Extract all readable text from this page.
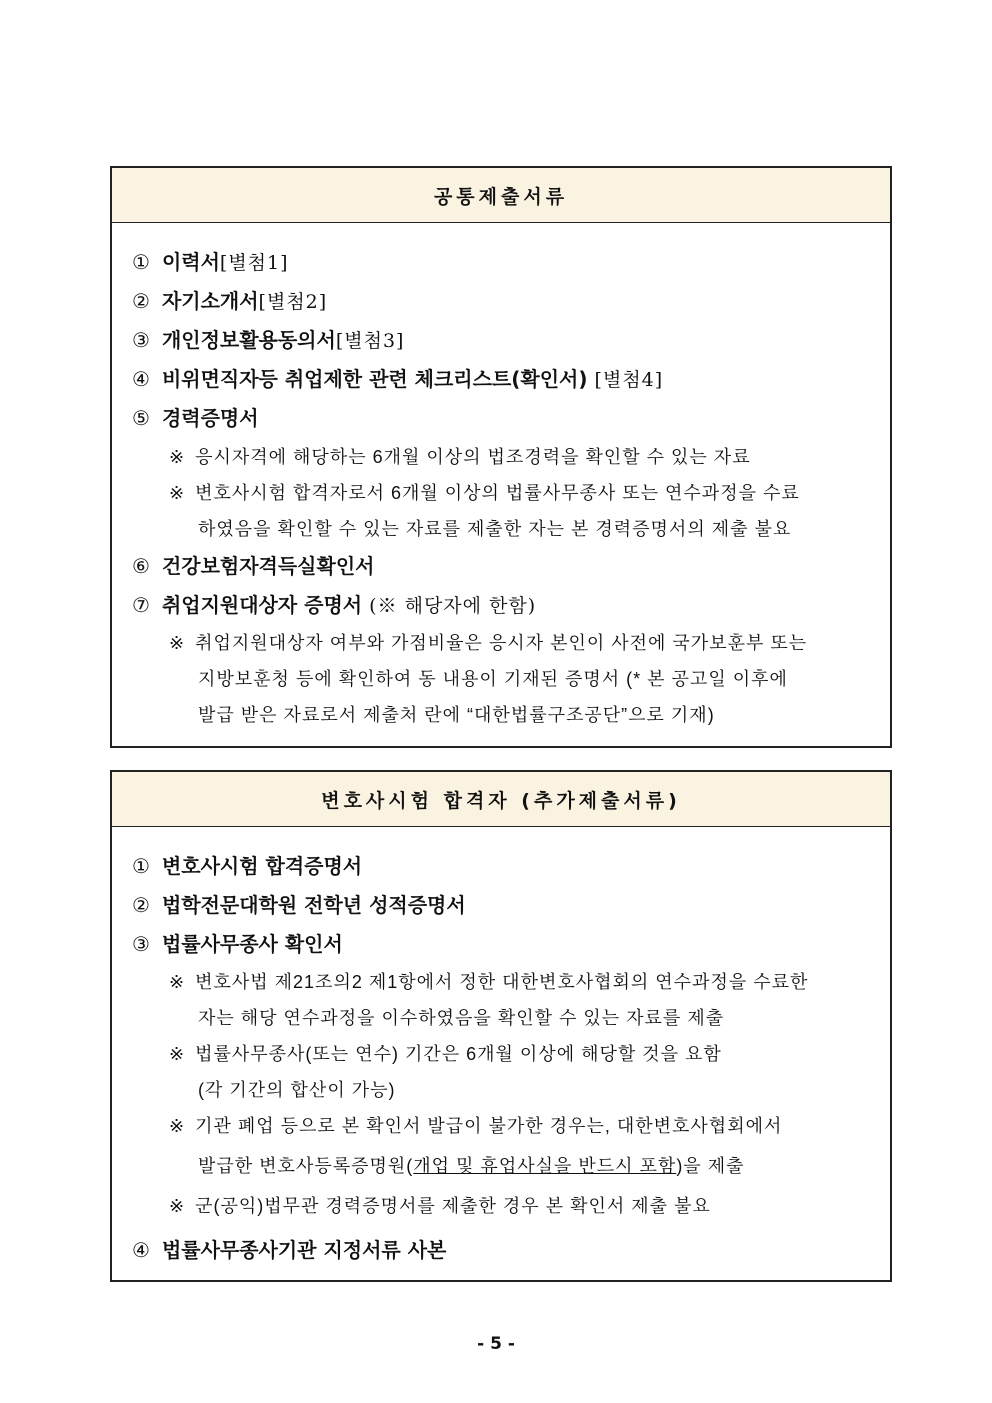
공통제출서류
① 이력서[별첨1]
② 자기소개서[별첨2]
③ 개인정보활용동의서[별첨3]
④ 비위면직자등 취업제한 관련 체크리스트(확인서) [별첨4]
⑤ 경력증명서
※ 응시자격에 해당하는 6개월 이상의 법조경력을 확인할 수 있는 자료
※ 변호사시험 합격자로서 6개월 이상의 법률사무종사 또는 연수과정을 수료
하였음을 확인할 수 있는 자료를 제출한 자는 본 경력증명서의 제출 불요
⑥ 건강보험자격득실확인서
⑦ 취업지원대상자 증명서 (※ 해당자에 한함)
※ 취업지원대상자 여부와 가점비율은 응시자 본인이 사전에 국가보훈부 또는
지방보훈청 등에 확인하여 동 내용이 기재된 증명서 (* 본 공고일 이후에
발급 받은 자료로서 제출처 란에 “대한법률구조공단”으로 기재)
변호사시험 합격자 (추가제출서류)
① 변호사시험 합격증명서
② 법학전문대학원 전학년 성적증명서
③ 법률사무종사 확인서
※ 변호사법 제21조의2 제1항에서 정한 대한변호사협회의 연수과정을 수료한
자는 해당 연수과정을 이수하였음을 확인할 수 있는 자료를 제출
※ 법률사무종사(또는 연수) 기간은 6개월 이상에 해당할 것을 요함
(각 기간의 합산이 가능)
※ 기관 폐업 등으로 본 확인서 발급이 불가한 경우는, 대한변호사협회에서
발급한 변호사등록증명원(개업 및 휴업사실을 반드시 포함)을 제출
※ 군(공익)법무관 경력증명서를 제출한 경우 본 확인서 제출 불요
④ 법률사무종사기관 지정서류 사본
- 5 -
